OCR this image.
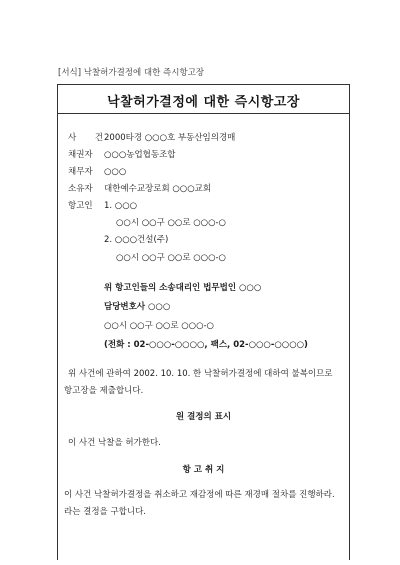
[서식] 낙찰허가결정에 대한 즉시항고장
낙찰허가결정에 대한 즉시항고장
사 건2000타경 ○○○호 부동산임의경매
채권자 ○○○농업협동조합
채무자 ○○○
소유자 대한예수교장로회 ○○○교회
항고인 1. ○○○
○○시 ○○구 ○○로 ○○○-○
2. ○○○건설(주)
○○시 ○○구 ○○로 ○○○-○
위 항고인들의 소송대리인 법무법인 ○○○
담당변호사 ○○○
○○시 ○○구 ○○로 ○○○-○
(전화 : 02-○○○-○○○○, 팩스, 02-○○○-○○○○)
위 사건에 관하여 2002. 10. 10. 한 낙찰허가결정에 대하여 불복이므로
항고장을 제출합니다.
원 결정의 표시
이 사건 낙찰을 허가한다.
항 고 취 지
이 사건 낙찰허가결정을 취소하고 재감정에 따른 재경매 절차를 진행하라.
라는 결정을 구합니다.
